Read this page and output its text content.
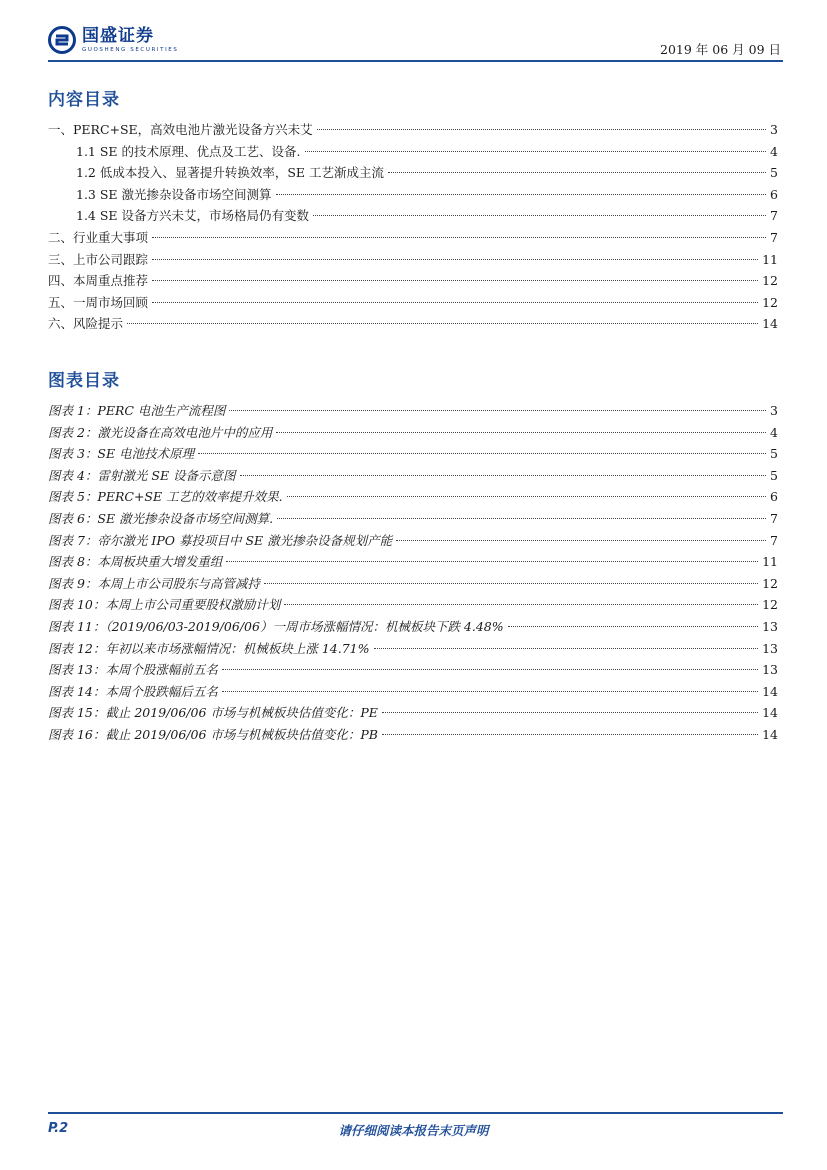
国盛证券
GUOSHENG SECURITIES	2019 年 06 月 09 日
内容目录
一、PERC+SE，高效电池片激光设备方兴未艾	3
1.1 SE 的技术原理、优点及工艺、设备.	4
1.2 低成本投入、显著提升转换效率，SE 工艺渐成主流	5
1.3 SE 激光掺杂设备市场空间测算	6
1.4 SE 设备方兴未艾，市场格局仍有变数	7
二、行业重大事项	7
三、上市公司跟踪	11
四、本周重点推荐	12
五、一周市场回顾	12
六、风险提示	14
图表目录
图表 1：PERC 电池生产流程图	3
图表 2：激光设备在高效电池片中的应用	4
图表 3：SE 电池技术原理	5
图表 4：雷射激光 SE 设备示意图	5
图表 5：PERC+SE 工艺的效率提升效果.	6
图表 6：SE 激光掺杂设备市场空间测算.	7
图表 7：帝尔激光 IPO 募投项目中 SE 激光掺杂设备规划产能	7
图表 8：本周板块重大增发重组	11
图表 9：本周上市公司股东与高管减持	12
图表 10：本周上市公司重要股权激励计划	12
图表 11：（2019/06/03-2019/06/06）一周市场涨幅情况：机械板块下跌 4.48%	13
图表 12：年初以来市场涨幅情况：机械板块上涨 14.71%	13
图表 13：本周个股涨幅前五名	13
图表 14：本周个股跌幅后五名	14
图表 15：截止 2019/06/06 市场与机械板块估值变化：PE	14
图表 16：截止 2019/06/06 市场与机械板块估值变化：PB	14
请仔细阅读本报告末页声明
P.2
